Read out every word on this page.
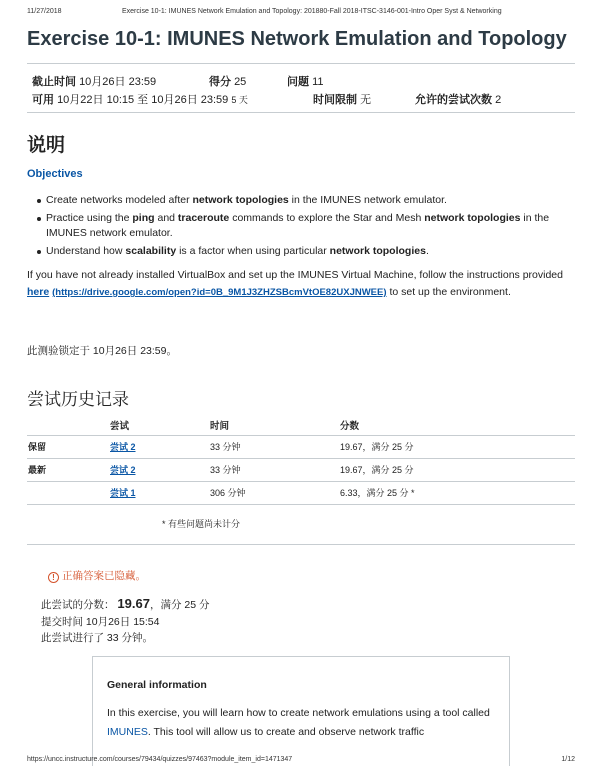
11/27/2018	Exercise 10-1: IMUNES Network Emulation and Topology: 201880-Fall 2018-ITSC-3146-001-Intro Oper Syst & Networking
Exercise 10-1: IMUNES Network Emulation and Topology
截止时间 10月26日 23:59	得分 25	问题 11
可用 10月22日 10:15 至 10月26日 23:59 5 天	时间限制 无	允许的尝试次数 2
说明
Objectives
Create networks modeled after network topologies in the IMUNES network emulator.
Practice using the ping and traceroute commands to explore the Star and Mesh network topologies in the IMUNES network emulator.
Understand how scalability is a factor when using particular network topologies.
If you have not already installed VirtualBox and set up the IMUNES Virtual Machine, follow the instructions provided here (https://drive.google.com/open?id=0B_9M1J3ZHZSBcmVtOE82UXJNWEE) to set up the environment.
此测验锁定于 10月26日 23:59。
尝试历史记录
	尝试	时间	分数
保留	尝试 2	33 分钟	19.67，满分 25 分
最新	尝试 2	33 分钟	19.67，满分 25 分
	尝试 1	306 分钟	6.33，满分 25 分 *
* 有些问题尚未计分
! 正确答案已隐藏。
此尝试的分数： 19.67，满分 25 分
提交时间 10月26日 15:54
此尝试进行了 33 分钟。
General information
In this exercise, you will learn how to create network emulations using a tool called IMUNES. This tool will allow us to create and observe network traffic
https://uncc.instructure.com/courses/79434/quizzes/97463?module_item_id=1471347	1/12
